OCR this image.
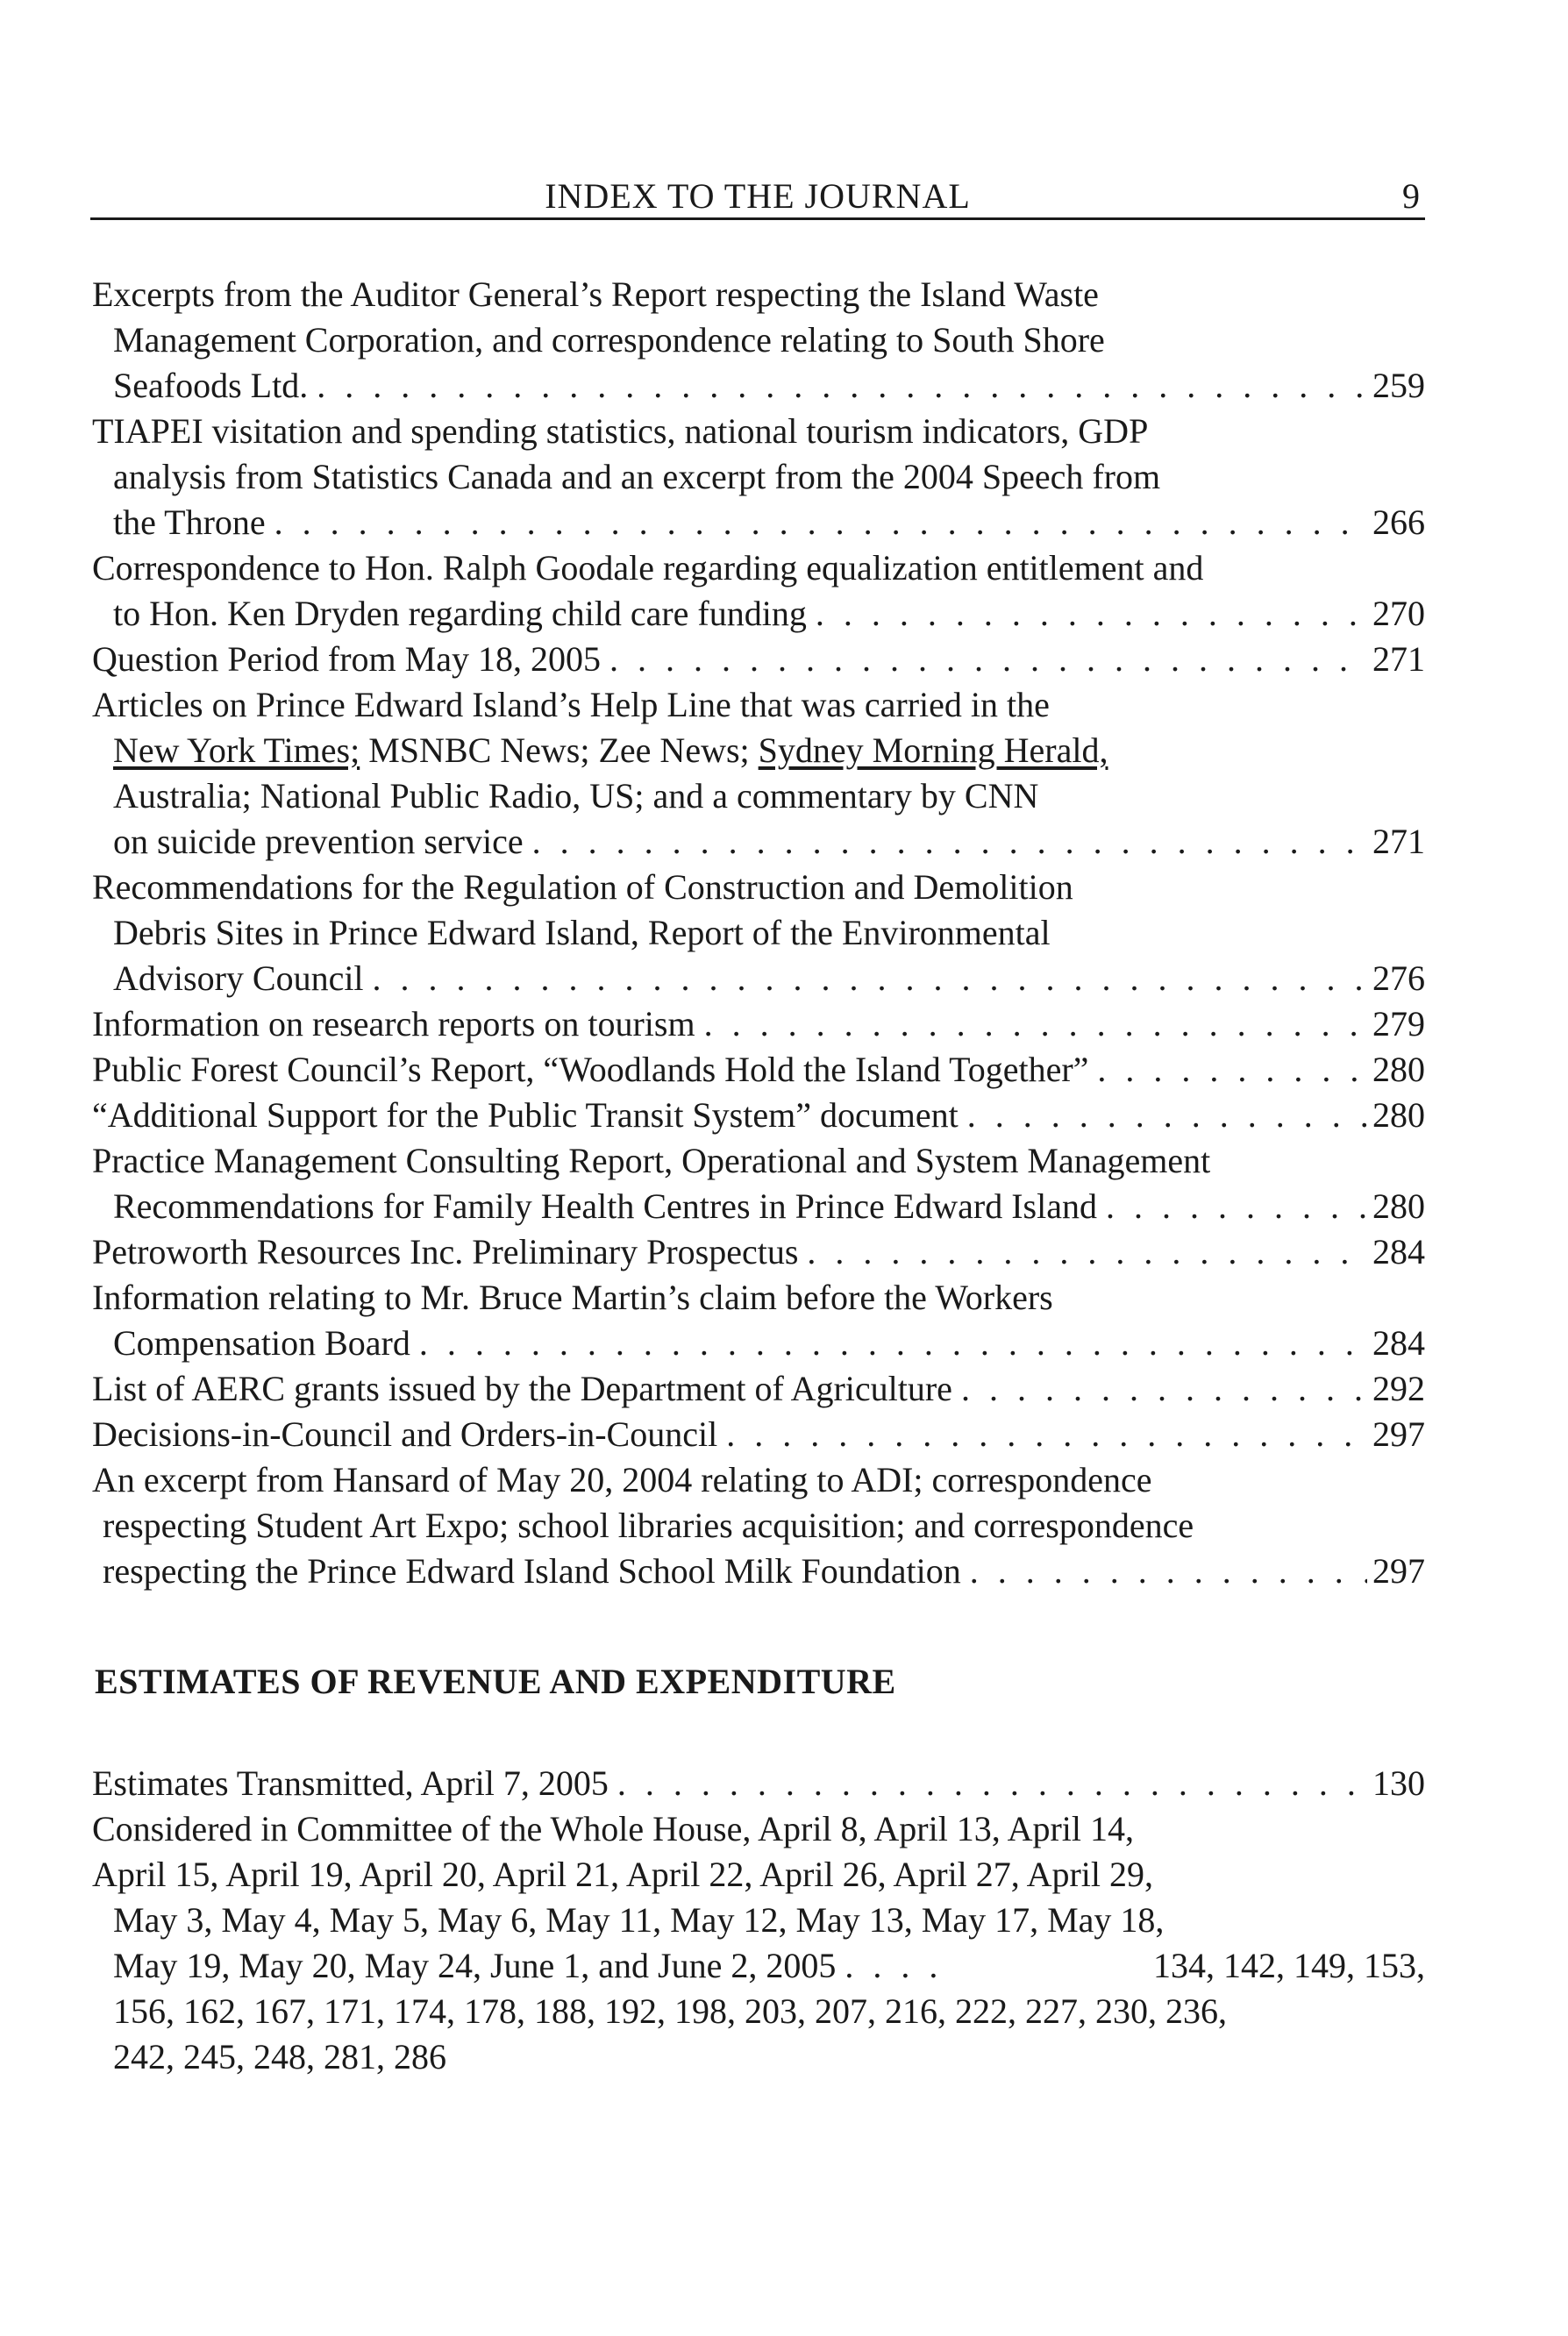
INDEX TO THE JOURNAL	9
Excerpts from the Auditor General’s Report respecting the Island Waste
Management Corporation, and correspondence relating to South Shore
Seafoods Ltd. . . .	259
TIAPEI visitation and spending statistics, national tourism indicators, GDP
analysis from Statistics Canada and an excerpt from the 2004 Speech from
the Throne . . .	266
Correspondence to Hon. Ralph Goodale regarding equalization entitlement and
to Hon. Ken Dryden regarding child care funding . . .	270
Question Period from May 18, 2005 . . .	271
Articles on Prince Edward Island’s Help Line that was carried in the
New York Times; MSNBC News; Zee News; Sydney Morning Herald,
Australia; National Public Radio, US; and a commentary by CNN
on suicide prevention service . . .	271
Recommendations for the Regulation of Construction and Demolition
Debris Sites in Prince Edward Island, Report of the Environmental
Advisory Council . . .	276
Information on research reports on tourism . . .	279
Public Forest Council’s Report, “Woodlands Hold the Island Together” . . .	280
“Additional Support for the Public Transit System” document . . .	280
Practice Management Consulting Report, Operational and System Management
Recommendations for Family Health Centres in Prince Edward Island . . .	280
Petroworth Resources Inc. Preliminary Prospectus . . .	284
Information relating to Mr. Bruce Martin’s claim before the Workers
Compensation Board . . .	284
List of AERC grants issued by the Department of Agriculture . . .	292
Decisions-in-Council and Orders-in-Council . . .	297
An excerpt from Hansard of May 20, 2004 relating to ADI; correspondence
respecting Student Art Expo; school libraries acquisition; and correspondence
respecting the Prince Edward Island School Milk Foundation . . .	297
ESTIMATES OF REVENUE AND EXPENDITURE
Estimates Transmitted, April 7, 2005 . . .	130
Considered in Committee of the Whole House, April 8, April 13, April 14,
April 15, April 19, April 20, April 21, April 22, April 26, April 27, April 29,
May 3, May 4, May 5, May 6, May 11, May 12, May 13, May 17, May 18,
May 19, May 20, May 24, June 1, and June 2, 2005 . . .	134, 142, 149, 153,
156, 162, 167, 171, 174, 178, 188, 192, 198, 203, 207, 216, 222, 227, 230, 236,
242, 245, 248, 281, 286
